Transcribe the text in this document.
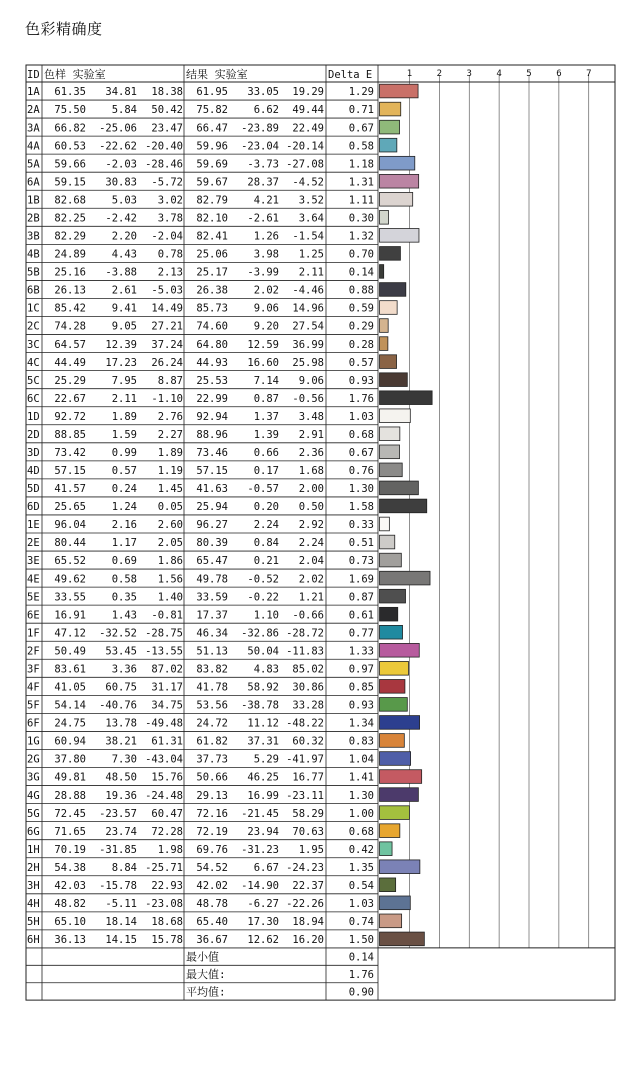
色彩精确度
ID 色样 实验室	结果 实验室	Delta E	1	2	3	4	5	6	7
1A 61.35 34.81 18.38 61.95 33.05 19.29 1.29
2A 75.50 5.84 50.42 75.82 6.62 49.44 0.71
3A 66.82 -25.06 23.47 66.47 -23.89 22.49 0.67
4A 60.53 -22.62 -20.40 59.96 -23.04 -20.14 0.58
5A 59.66 -2.03 -28.46 59.69 -3.73 -27.08 1.18
6A 59.15 30.83 -5.72 59.67 28.37 -4.52 1.31
1B 82.68 5.03 3.02 82.79 4.21 3.52 1.11
2B 82.25 -2.42 3.78 82.10 -2.61 3.64 0.30
3B 82.29 2.20 -2.04 82.41 1.26 -1.54 1.32
4B 24.89 4.43 0.78 25.06 3.98 1.25 0.70
5B 25.16 -3.88 2.13 25.17 -3.99 2.11 0.14
6B 26.13 2.61 -5.03 26.38 2.02 -4.46 0.88
1C 85.42 9.41 14.49 85.73 9.06 14.96 0.59
2C 74.28 9.05 27.21 74.60 9.20 27.54 0.29
3C 64.57 12.39 37.24 64.80 12.59 36.99 0.28
4C 44.49 17.23 26.24 44.93 16.60 25.98 0.57
5C 25.29 7.95 8.87 25.53 7.14 9.06 0.93
6C 22.67 2.11 -1.10 22.99 0.87 -0.56 1.76
1D 92.72 1.89 2.76 92.94 1.37 3.48 1.03
2D 88.85 1.59 2.27 88.96 1.39 2.91 0.68
3D 73.42 0.99 1.89 73.46 0.66 2.36 0.67
4D 57.15 0.57 1.19 57.15 0.17 1.68 0.76
5D 41.57 0.24 1.45 41.63 -0.57 2.00 1.30
6D 25.65 1.24 0.05 25.94 0.20 0.50 1.58
1E 96.04 2.16 2.60 96.27 2.24 2.92 0.33
2E 80.44 1.17 2.05 80.39 0.84 2.24 0.51
3E 65.52 0.69 1.86 65.47 0.21 2.04 0.73
4E 49.62 0.58 1.56 49.78 -0.52 2.02 1.69
5E 33.55 0.35 1.40 33.59 -0.22 1.21 0.87
6E 16.91 1.43 -0.81 17.37 1.10 -0.66 0.61
1F 47.12 -32.52 -28.75 46.34 -32.86 -28.72 0.77
2F 50.49 53.45 -13.55 51.13 50.04 -11.83 1.33
3F 83.61 3.36 87.02 83.82 4.83 85.02 0.97
4F 41.05 60.75 31.17 41.78 58.92 30.86 0.85
5F 54.14 -40.76 34.75 53.56 -38.78 33.28 0.93
6F 24.75 13.78 -49.48 24.72 11.12 -48.22 1.34
1G 60.94 38.21 61.31 61.82 37.31 60.32 0.83
2G 37.80 7.30 -43.04 37.73 5.29 -41.97 1.04
3G 49.81 48.50 15.76 50.66 46.25 16.77 1.41
4G 28.88 19.36 -24.48 29.13 16.99 -23.11 1.30
5G 72.45 -23.57 60.47 72.16 -21.45 58.29 1.00
6G 71.65 23.74 72.28 72.19 23.94 70.63 0.68
1H 70.19 -31.85 1.98 69.76 -31.23 1.95 0.42
2H 54.38 8.84 -25.71 54.52 6.67 -24.23 1.35
3H 42.03 -15.78 22.93 42.02 -14.90 22.37 0.54
4H 48.82 -5.11 -23.08 48.78 -6.27 -22.26 1.03
5H 65.10 18.14 18.68 65.40 17.30 18.94 0.74
6H 36.13 14.15 15.78 36.67 12.62 16.20 1.50
最小值	0.14
最大值:	1.76
平均值:	0.90
